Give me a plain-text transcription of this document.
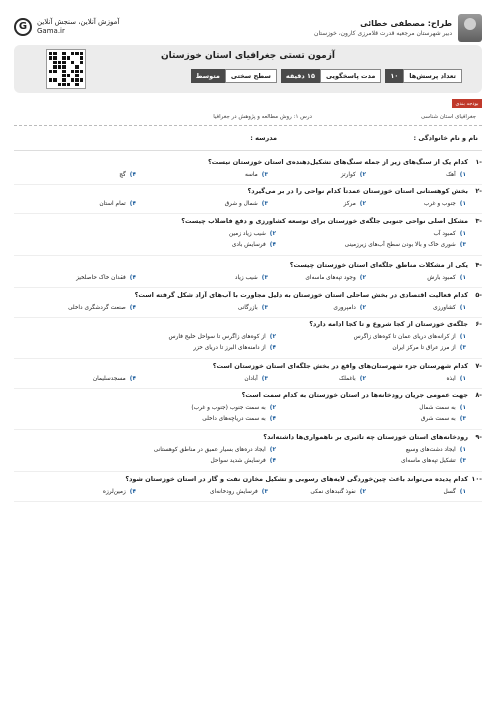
طراح: مصطفی خطائی
دبیر شهرستان مرجعیه قدرت قلامرزی کارون، خوزستان
G	آموزش آنلاین، سنجش آنلاین
Gama.ir
آزمون تستی جغرافیای استان خوزستان
تعداد پرسش‌ها
۱۰
مدت پاسخگویی
۱۵ دقیقه
سطح سختی
متوسط
بودجه بندی
جغرافیای استان شناسی
درس ۱: روش مطالعه و پژوهش در جغرافیا
نام و نام خانوادگی :
مدرسه :
-۱کدام یک از سنگ‌های زیر از جمله سنگ‌های تشکیل‌دهنده‌ی استان خوزستان نیست؟
۱)
آهک
۲)
کوارتز
۳)
ماسه
۴)
گچ
-۲بخش کوهستانی استان خوزستان عمدتاً کدام نواحی را در بر می‌گیرد؟
۱)
جنوب و غرب
۲)
مرکز
۳)
شمال و شرق
۴)
تمام استان
-۳مشکل اصلی نواحی جنوبی جلگه‌ی خوزستان برای توسعه کشاورزی و دفع فاضلاب چیست؟
۱)
کمبود آب
۲)
شیب زیاد زمین
۳)
شوری خاک و بالا بودن سطح آب‌های زیرزمینی
۴)
فرسایش بادی
-۴یکی از مشکلات مناطق جلگه‌ای استان خوزستان چیست؟
۱)
کمبود بارش
۲)
وجود تپه‌های ماسه‌ای
۳)
شیب زیاد
۴)
فقدان خاک حاصلخیز
-۵کدام فعالیت اقتصادی در بخش ساحلی استان خوزستان به دلیل مجاورت با آب‌های آزاد شکل گرفته است؟
۱)
کشاورزی
۲)
دامپروری
۳)
بازرگانی
۴)
صنعت گردشگری داخلی
-۶جلگه‌ی خوزستان از کجا شروع و تا کجا ادامه دارد؟
۱)
از کرانه‌های دریای عمان تا کوه‌های زاگرس
۲)
از کوه‌های زاگرس تا سواحل خلیج فارس
۳)
از مرز عراق تا مرکز ایران
۴)
از دامنه‌های البرز تا دریای خزر
-۷کدام شهرستان جزء شهرستان‌های واقع در بخش جلگه‌ای استان خوزستان است؟
۱)
ایذه
۲)
باغملک
۳)
آبادان
۴)
مسجدسلیمان
-۸جهت عمومی جریان رودخانه‌ها در استان خوزستان به کدام سمت است؟
۱)
به سمت شمال
۲)
به سمت جنوب (جنوب و غرب)
۳)
به سمت شرق
۴)
به سمت دریاچه‌های داخلی
-۹رودخانه‌های استان خوزستان چه تاثیری بر ناهمواری‌ها داشته‌اند؟
۱)
ایجاد دشت‌های وسیع
۲)
ایجاد دره‌های بسیار عمیق در مناطق کوهستانی
۳)
تشکیل تپه‌های ماسه‌ای
۴)
فرسایش شدید سواحل
-۱۰کدام پدیده می‌تواند باعث چین‌خوردگی لایه‌های رسوبی و تشکیل مخازن نفت و گاز در استان خوزستان شود؟
۱)
گسل
۲)
نفوذ گنبدهای نمکی
۳)
فرسایش رودخانه‌ای
۴)
زمین‌لرزه
